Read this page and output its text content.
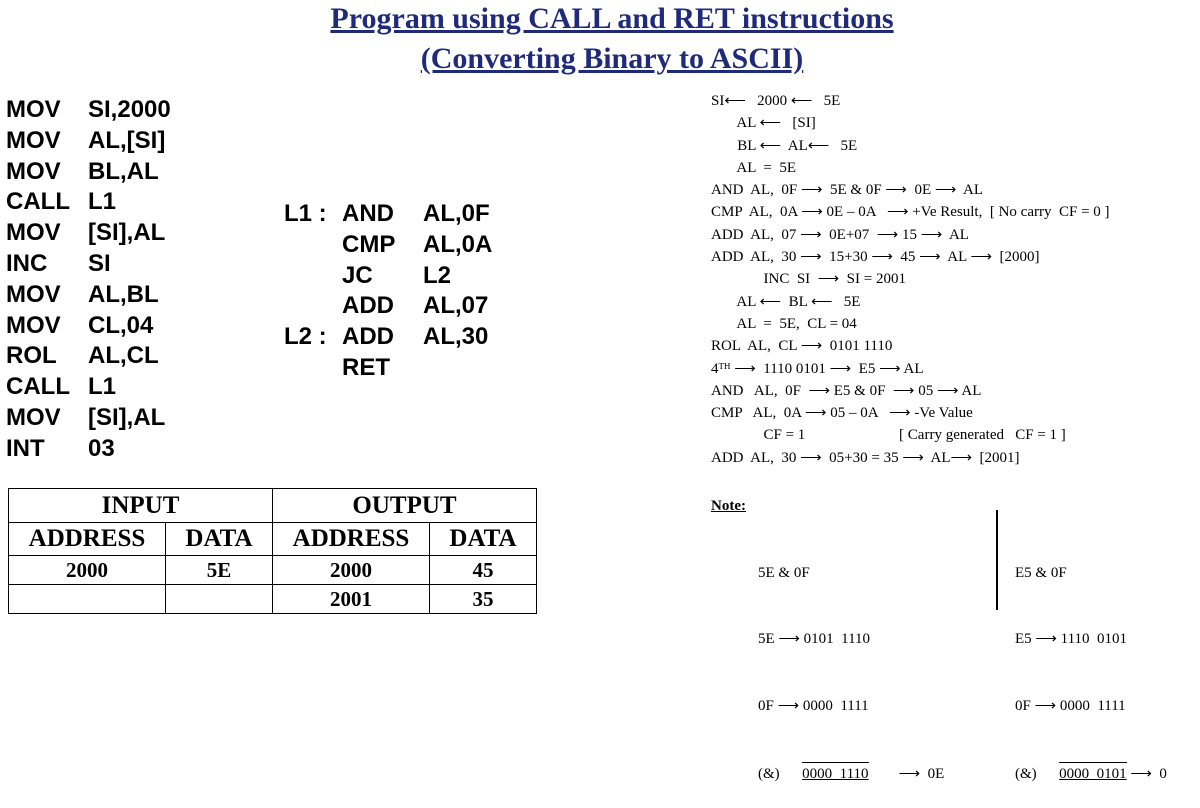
Program using CALL and RET instructions
(Converting Binary to ASCII)
MOV SI,2000
MOV AL,[SI]
MOV BL,AL
CALL L1
MOV [SI],AL
INC SI
MOV AL,BL
MOV CL,04
ROL AL,CL
CALL L1
MOV [SI],AL
INT 03
L1 : AND AL,0F
CMP AL,0A
JC L2
ADD AL,07
L2 : ADD AL,30
RET
INPUT		OUTPUT	
ADDRESS	DATA	ADDRESS	DATA
2000	5E	2000	45
		2001	35
SI⟵   2000 ⟵   5E
AL ⟵   [SI]
BL ⟵  AL⟵   5E
AL  =  5E
AND  AL,  0F ⟶  5E & 0F ⟶  0E ⟶  AL
CMP  AL,  0A ⟶ 0E – 0A   ⟶ +Ve Result,  [ No carry  CF = 0 ]
ADD  AL,  07 ⟶  0E+07  ⟶ 15 ⟶  AL
ADD  AL,  30 ⟶  15+30 ⟶  45 ⟶  AL ⟶  [2000]
INC  SI  ⟶  SI = 2001
AL ⟵  BL ⟵   5E
AL  =  5E,  CL = 04
ROL  AL,  CL ⟶  0101 1110
4ᵀᴴ ⟶  1110 0101 ⟶  E5 ⟶ AL
AND   AL,  0F  ⟶ E5 & 0F  ⟶ 05 ⟶ AL
CMP   AL,  0A ⟶ 05 – 0A   ⟶ -Ve Value
CF = 1                         [ Carry generated   CF = 1 ]
ADD  AL,  30 ⟶  05+30 = 35 ⟶  AL⟶  [2001]
Note:

5E & 0F

5E ⟶ 0101  1110

0F ⟶ 0000  1111

(&) 0000  1110 ⟶  0E

E5 & 0F

E5 ⟶ 1110  0101

0F ⟶ 0000  1111

(&) 0000  0101 ⟶  0
